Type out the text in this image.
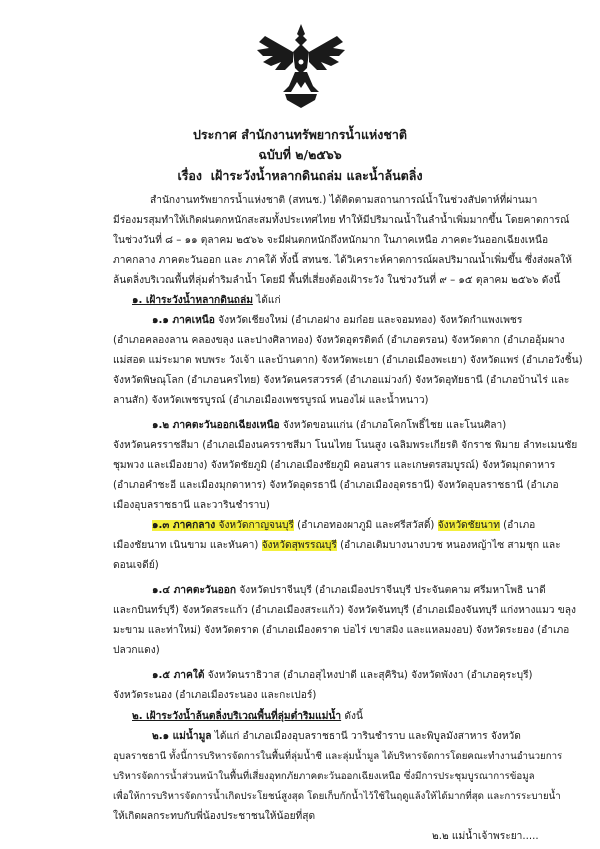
ประกาศ สำนักงานทรัพยากรน้ำแห่งชาติ
ฉบับที่ ๒/๒๕๖๖
เรื่อง เฝ้าระวังน้ำหลากดินถล่ม และน้ำล้นตลิ่ง
สำนักงานทรัพยากรน้ำแห่งชาติ (สทนช.) ได้ติดตามสถานการณ์น้ำในช่วงสัปดาห์ที่ผ่านมา
มีร่องมรสุมทำให้เกิดฝนตกหนักสะสมทั้งประเทศไทย ทำให้มีปริมาณน้ำในลำน้ำเพิ่มมากขึ้น โดยคาดการณ์
ในช่วงวันที่ ๘ – ๑๑ ตุลาคม ๒๕๖๖ จะมีฝนตกหนักถึงหนักมาก ในภาคเหนือ ภาคตะวันออกเฉียงเหนือ
ภาคกลาง ภาคตะวันออก และ ภาคใต้ ทั้งนี้ สทนช. ได้วิเคราะห์คาดการณ์ผลปริมาณน้ำเพิ่มขึ้น ซึ่งส่งผลให้
ล้นตลิ่งบริเวณพื้นที่ลุ่มต่ำริมลำน้ำ โดยมี พื้นที่เสี่ยงต้องเฝ้าระวัง ในช่วงวันที่ ๙ – ๑๕ ตุลาคม ๒๕๖๖ ดังนี้
๑. เฝ้าระวังน้ำหลากดินถล่ม ได้แก่
๑.๑ ภาคเหนือ จังหวัดเชียงใหม่ (อำเภอฝาง อมก๋อย และจอมทอง) จังหวัดกำแพงเพชร
(อำเภอคลองลาน คลองขลุง และปางศิลาทอง) จังหวัดอุตรดิตถ์ (อำเภอตรอน) จังหวัดตาก (อำเภออุ้มผาง
แม่สอด แม่ระมาด พบพระ วังเจ้า และบ้านตาก) จังหวัดพะเยา (อำเภอเมืองพะเยา) จังหวัดแพร่ (อำเภอวังชิ้น)
จังหวัดพิษณุโลก (อำเภอนครไทย) จังหวัดนครสวรรค์ (อำเภอแม่วงก์) จังหวัดอุทัยธานี (อำเภอบ้านไร่ และ
ลานสัก) จังหวัดเพชรบูรณ์ (อำเภอเมืองเพชรบูรณ์ หนองไผ่ และน้ำหนาว)
๑.๒ ภาคตะวันออกเฉียงเหนือ จังหวัดขอนแก่น (อำเภอโคกโพธิ์ไชย และโนนศิลา)
จังหวัดนครราชสีมา (อำเภอเมืองนครราชสีมา โนนไทย โนนสูง เฉลิมพระเกียรติ จักราช พิมาย ลำทะเมนชัย
ชุมพวง และเมืองยาง) จังหวัดชัยภูมิ (อำเภอเมืองชัยภูมิ คอนสาร และเกษตรสมบูรณ์) จังหวัดมุกดาหาร
(อำเภอคำชะอี และเมืองมุกดาหาร) จังหวัดอุดรธานี (อำเภอเมืองอุดรธานี) จังหวัดอุบลราชธานี (อำเภอ
เมืองอุบลราชธานี และวารินชำราบ)
๑.๓ ภาคกลาง จังหวัดกาญจนบุรี (อำเภอทองผาภูมิ และศรีสวัสดิ์) จังหวัดชัยนาท (อำเภอ
เมืองชัยนาท เนินขาม และหันคา) จังหวัดสุพรรณบุรี (อำเภอเดิมบางนางบวช หนองหญ้าไซ สามชุก และ
ดอนเจดีย์)
๑.๔ ภาคตะวันออก จังหวัดปราจีนบุรี (อำเภอเมืองปราจีนบุรี ประจันตคาม ศรีมหาโพธิ นาดี
และกบินทร์บุรี) จังหวัดสระแก้ว (อำเภอเมืองสระแก้ว) จังหวัดจันทบุรี (อำเภอเมืองจันทบุรี แก่งหางแมว ขลุง
มะขาม และท่าใหม่) จังหวัดตราด (อำเภอเมืองตราด บ่อไร่ เขาสมิง และแหลมงอบ) จังหวัดระยอง (อำเภอ
ปลวกแดง)
๑.๕ ภาคใต้ จังหวัดนราธิวาส (อำเภอสุไหงปาดี และสุคิริน) จังหวัดพังงา (อำเภอคุระบุรี)
จังหวัดระนอง (อำเภอเมืองระนอง และกะเปอร์)
๒. เฝ้าระวังน้ำล้นตลิ่งบริเวณพื้นที่ลุ่มต่ำริมแม่น้ำ ดังนี้
๒.๑ แม่น้ำมูล ได้แก่ อำเภอเมืองอุบลราชธานี วารินชำราบ และพิบูลมังสาหาร จังหวัด
อุบลราชธานี ทั้งนี้การบริหารจัดการในพื้นที่ลุ่มน้ำชี และลุ่มน้ำมูล ได้บริหารจัดการโดยคณะทำงานอำนวยการ
บริหารจัดการน้ำส่วนหน้าในพื้นที่เสี่ยงอุทกภัยภาคตะวันออกเฉียงเหนือ ซึ่งมีการประชุมบูรณาการข้อมูล
เพื่อให้การบริหารจัดการน้ำเกิดประโยชน์สูงสุด โดยเก็บกักน้ำไว้ใช้ในฤดูแล้งให้ได้มากที่สุด และการระบายน้ำ
ให้เกิดผลกระทบกับพี่น้องประชาชนให้น้อยที่สุด
๒.๒ แม่น้ำเจ้าพระยา.....
